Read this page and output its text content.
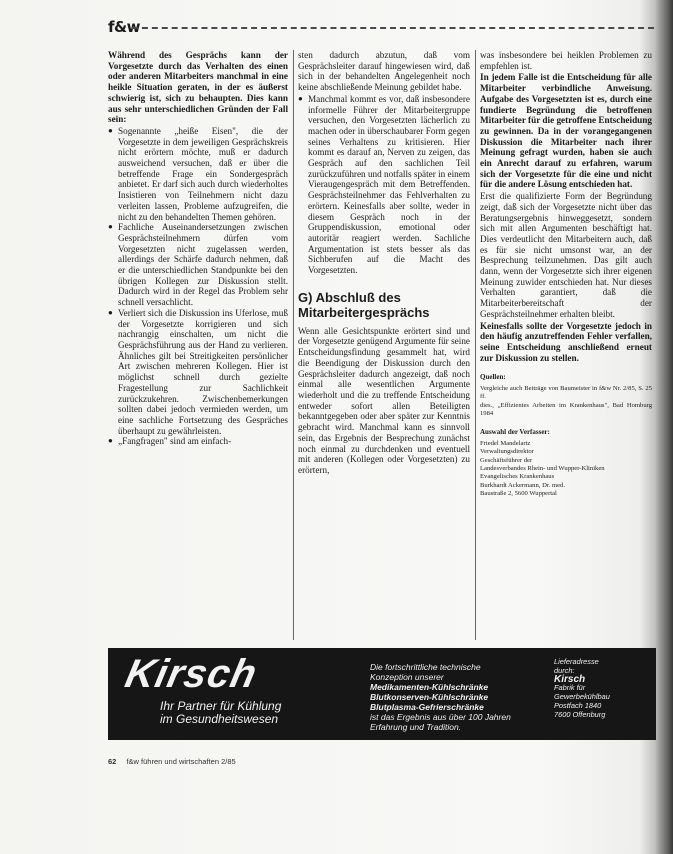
f&w

Während des Gesprächs kann der Vorgesetzte durch das Verhalten des einen oder anderen Mitarbeiters manchmal in eine heikle Situation geraten, in der es äußerst schwierig ist, sich zu behaupten. Dies kann aus sehr unterschiedlichen Gründen der Fall sein:

● Sogenannte „heiße Eisen", die der Vorgesetzte in dem jeweiligen Gesprächskreis nicht erörtern möchte, muß er dadurch ausweichend versuchen, daß er über die betreffende Frage ein Sondergespräch anbietet. Er darf sich auch durch wiederholtes Insistieren von Teilnehmern nicht dazu verleiten lassen, Probleme aufzugreifen, die nicht zu den behandelten Themen gehören.
● Fachliche Auseinandersetzungen zwischen Gesprächsteilnehmern dürfen vom Vorgesetzten nicht zugelassen werden, allerdings der Schärfe dadurch nehmen, daß er die unterschiedlichen Standpunkte bei den übrigen Kollegen zur Diskussion stellt. Dadurch wird in der Regel das Problem sehr schnell versachlicht.
● Verliert sich die Diskussion ins Uferlose, muß der Vorgesetzte korrigieren und sich nachrangig einschalten, um nicht die Gesprächsführung aus der Hand zu verlieren. Ähnliches gilt bei Streitigkeiten persönlicher Art zwischen mehreren Kollegen. Hier ist möglichst schnell durch gezielte Fragestellung zur Sachlichkeit zurückzukehren. Zwischenbemerkungen sollten dabei jedoch vermieden werden, um eine sachliche Fortsetzung des Gespräches überhaupt zu gewährleisten.
● „Fangfragen" sind am einfach-

sten dadurch abzutun, daß vom Gesprächsleiter darauf hingewiesen wird, daß sich in der behandelten Angelegenheit noch keine abschließende Meinung gebildet habe.

● Manchmal kommt es vor, daß insbesondere informelle Führer der Mitarbeitergruppe versuchen, den Vorgesetzten lächerlich zu machen oder in überschaubarer Form gegen seines Verhaltens zu kritisieren. Hier kommt es darauf an, Nerven zu zeigen, das Gespräch auf den sachlichen Teil zurückzuführen und notfalls später in einem Vieraugengespräch mit dem Betreffenden. Gesprächsteilnehmer das Fehlverhalten zu erörtern. Keinesfalls aber sollte, weder in diesem Gespräch noch in der Gruppendiskussion, emotional oder autoritär reagiert werden. Sachliche Argumentation ist stets besser als das Sichberufen auf die Macht des Vorgesetzten.
G) Abschluß des
Mitarbeitergesprächs

Wenn alle Gesichtspunkte erörtert sind und der Vorgesetzte genügend Argumente für seine Entscheidungsfindung gesammelt hat, wird die Beendigung der Diskussion durch den Gesprächsleiter dadurch angezeigt, daß noch einmal alle wesentlichen Argumente wiederholt und die zu treffende Entscheidung entweder sofort allen Beteiligten bekanntgegeben oder aber später zur Kenntnis gebracht wird. Manchmal kann es sinnvoll sein, das Ergebnis der Besprechung zunächst noch einmal zu durchdenken und eventuell mit anderen (Kollegen oder Vorgesetzten) zu erörtern,

was insbesondere bei heiklen Problemen zu empfehlen ist.

In jedem Falle ist die Entscheidung für alle Mitarbeiter verbindliche Anweisung. Aufgabe des Vorgesetzten ist es, durch eine fundierte Begründung die betroffenen Mitarbeiter für die getroffene Entscheidung zu gewinnen. Da in der vorangegangenen Diskussion die Mitarbeiter nach ihrer Meinung gefragt wurden, haben sie auch ein Anrecht darauf zu erfahren, warum sich der Vorgesetzte für die eine und nicht für die andere Lösung entschieden hat.

Erst die qualifizierte Form der Begründung zeigt, daß sich der Vorgesetzte nicht über das Beratungsergebnis hinweggesetzt, sondern sich mit allen Argumenten beschäftigt hat. Dies verdeutlicht den Mitarbeitern auch, daß es für sie nicht umsonst war, an der Besprechung teilzunehmen. Das gilt auch dann, wenn der Vorgesetzte sich ihrer eigenen Meinung zuwider entschieden hat. Nur dieses Verhalten garantiert, daß die Mitarbeiterbereitschaft der Gesprächsteilnehmer erhalten bleibt.

Keinesfalls sollte der Vorgesetzte jedoch in den häufig anzutreffenden Fehler verfallen, seine Entscheidung anschließend erneut zur Diskussion zu stellen.

Quellen:
Vergleiche auch Beiträge von Baumeister in f&w Nr. 2/85, S. 25 ff.
dies., „Effizientes Arbeiten im Krankenhaus", Bad Homburg 1984
Auswahl der Verfasser:
Friedel Mandelartz
Verwaltungsdirektor
Geschäftsführer der
Landesverbandes Rhein- und Wupper-Kliniken
Evangelisches Krankenhaus
Burkhardt Ackermann, Dr. med.
Baustraße 2, 5600 Wuppertal
Kirsch
Ihr Partner für Kühlung
im Gesundheitswesen
Die fortschrittliche technische
Konzeption unserer
Medikamenten-Kühlschränke
Blutkonserven-Kühlschränke
Blutplasma-Gefrierschränke
ist das Ergebnis aus über 100 Jahren
Erfahrung und Tradition.
Lieferadresse
durch:
Kirsch
Fabrik für
Gewerbekühlbau
Postfach 1840
7600 Offenburg
62 f&w führen und wirtschaften 2/85
